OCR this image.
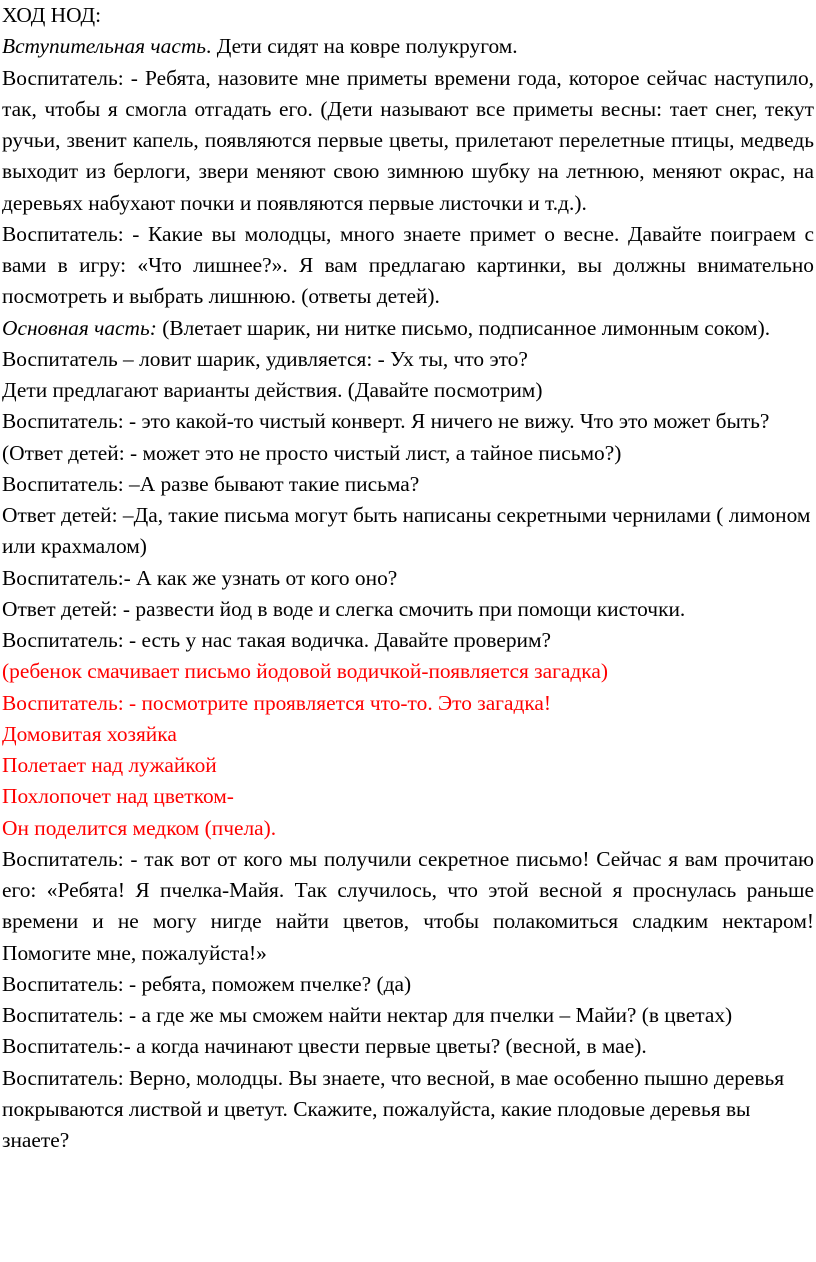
ХОД НОД:

Вступительная часть. Дети сидят на ковре полукругом.

Воспитатель: - Ребята, назовите мне приметы времени года, которое сейчас наступило, так, чтобы я смогла отгадать его. (Дети называют все приметы весны: тает снег, текут ручьи, звенит капель, появляются первые цветы, прилетают перелетные птицы, медведь выходит из берлоги, звери меняют свою зимнюю шубку на летнюю, меняют окрас, на деревьях набухают почки и появляются первые листочки и т.д.).

Воспитатель: - Какие вы молодцы, много знаете примет о весне. Давайте поиграем с вами в игру: «Что лишнее?». Я вам предлагаю картинки, вы должны внимательно посмотреть и выбрать лишнюю. (ответы детей).

Основная часть: (Влетает шарик, ни нитке письмо, подписанное лимонным соком).

Воспитатель – ловит шарик, удивляется: - Ух ты, что это?

Дети предлагают варианты действия. (Давайте посмотрим)

Воспитатель: - это какой-то чистый конверт. Я ничего не вижу. Что это может быть? (Ответ детей: - может это не просто чистый лист, а тайное письмо?)

Воспитатель: –А разве бывают такие письма?

Ответ детей: –Да, такие письма могут быть написаны секретными чернилами ( лимоном или крахмалом)

Воспитатель:- А как же узнать от кого оно?

Ответ детей: - развести йод в воде и слегка смочить при помощи кисточки.

Воспитатель: - есть у нас такая водичка. Давайте проверим?

(ребенок смачивает письмо йодовой водичкой-появляется загадка)

Воспитатель: - посмотрите проявляется что-то. Это загадка!

Домовитая хозяйка

Полетает над лужайкой

Похлопочет над цветком-

Он поделится медком (пчела).

Воспитатель: - так вот от кого мы получили секретное письмо! Сейчас я вам прочитаю его: «Ребята! Я пчелка-Майя. Так случилось, что этой весной я проснулась раньше времени и не могу нигде найти цветов, чтобы полакомиться сладким нектаром! Помогите мне, пожалуйста!»

Воспитатель: - ребята, поможем пчелке? (да)

Воспитатель: - а где же мы сможем найти нектар для пчелки – Майи? (в цветах)

Воспитатель:- а когда начинают цвести первые цветы? (весной, в мае).

Воспитатель: Верно, молодцы. Вы знаете, что весной, в мае особенно пышно деревья покрываются листвой и цветут. Скажите, пожалуйста, какие плодовые деревья вы знаете?
